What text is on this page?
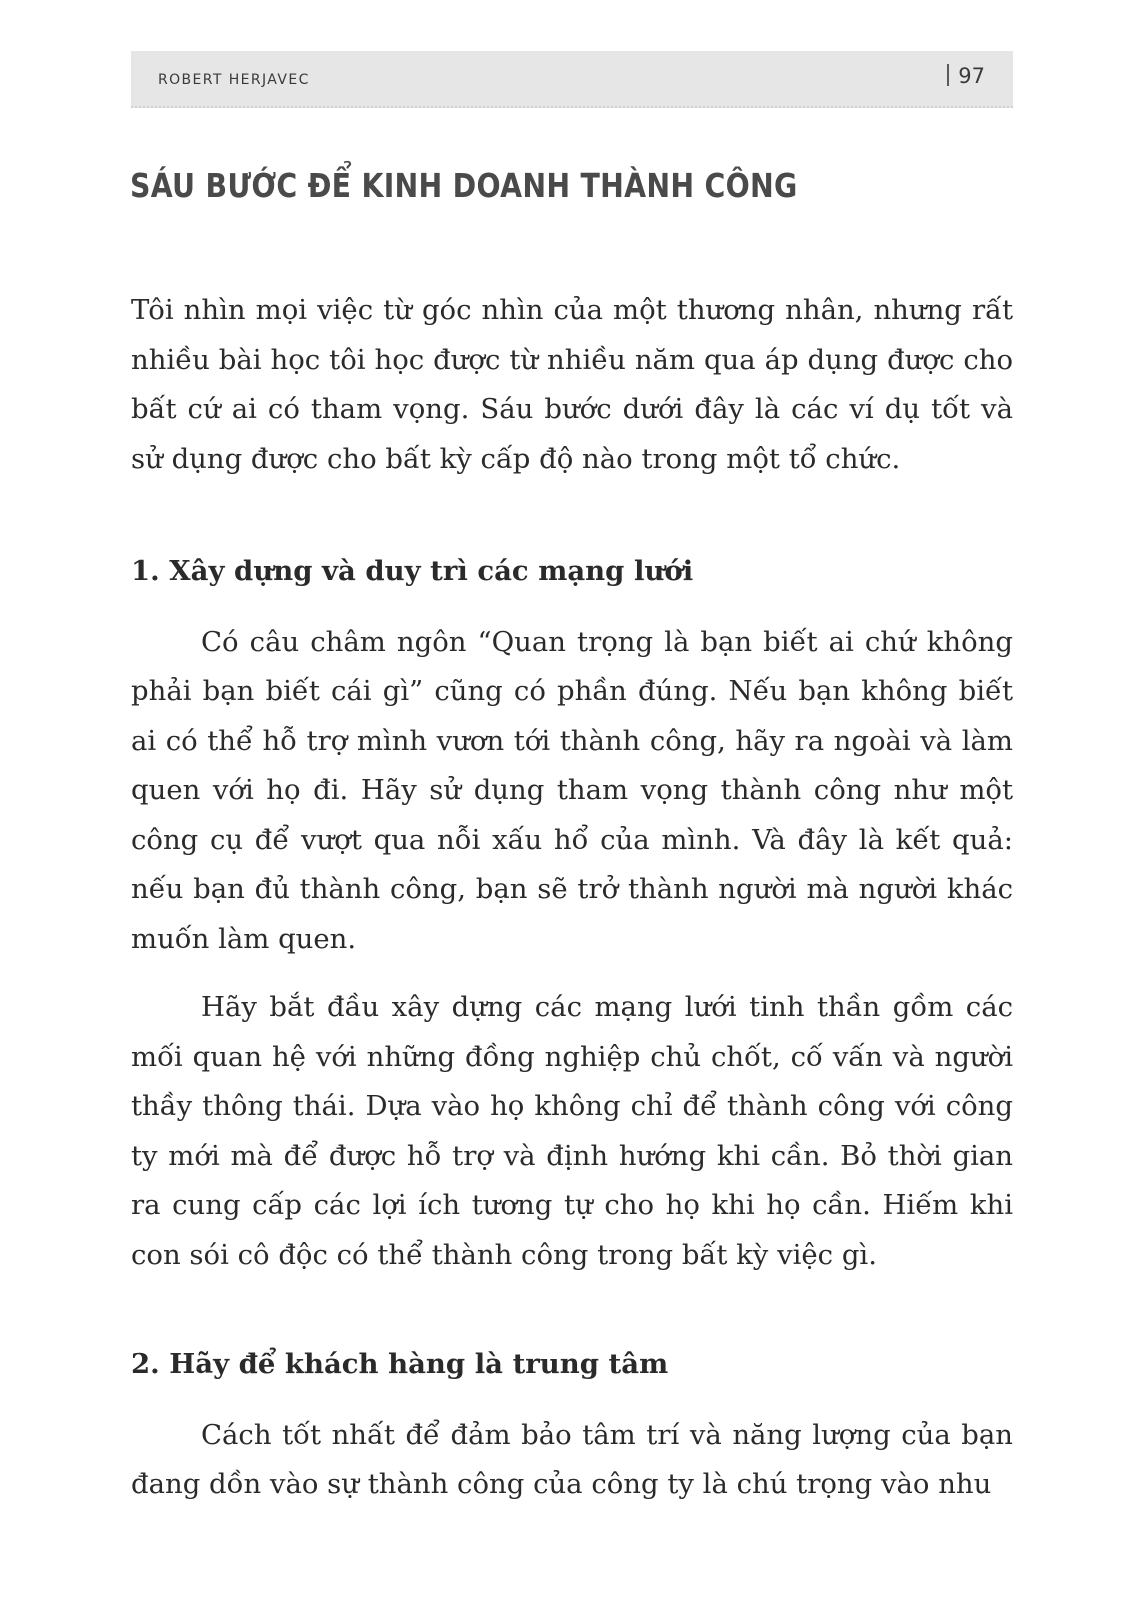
ROBERT HERJAVEC	97
SÁU BƯỚC ĐỂ KINH DOANH THÀNH CÔNG

Tôi nhìn mọi việc từ góc nhìn của một thương nhân, nhưng rất nhiều bài học tôi học được từ nhiều năm qua áp dụng được cho bất cứ ai có tham vọng. Sáu bước dưới đây là các ví dụ tốt và sử dụng được cho bất kỳ cấp độ nào trong một tổ chức.

1. Xây dựng và duy trì các mạng lưới

Có câu châm ngôn “Quan trọng là bạn biết ai chứ không phải bạn biết cái gì” cũng có phần đúng. Nếu bạn không biết ai có thể hỗ trợ mình vươn tới thành công, hãy ra ngoài và làm quen với họ đi. Hãy sử dụng tham vọng thành công như một công cụ để vượt qua nỗi xấu hổ của mình. Và đây là kết quả: nếu bạn đủ thành công, bạn sẽ trở thành người mà người khác muốn làm quen.

Hãy bắt đầu xây dựng các mạng lưới tinh thần gồm các mối quan hệ với những đồng nghiệp chủ chốt, cố vấn và người thầy thông thái. Dựa vào họ không chỉ để thành công với công ty mới mà để được hỗ trợ và định hướng khi cần. Bỏ thời gian ra cung cấp các lợi ích tương tự cho họ khi họ cần. Hiếm khi con sói cô độc có thể thành công trong bất kỳ việc gì.

2. Hãy để khách hàng là trung tâm

Cách tốt nhất để đảm bảo tâm trí và năng lượng của bạn đang dồn vào sự thành công của công ty là chú trọng vào nhu
